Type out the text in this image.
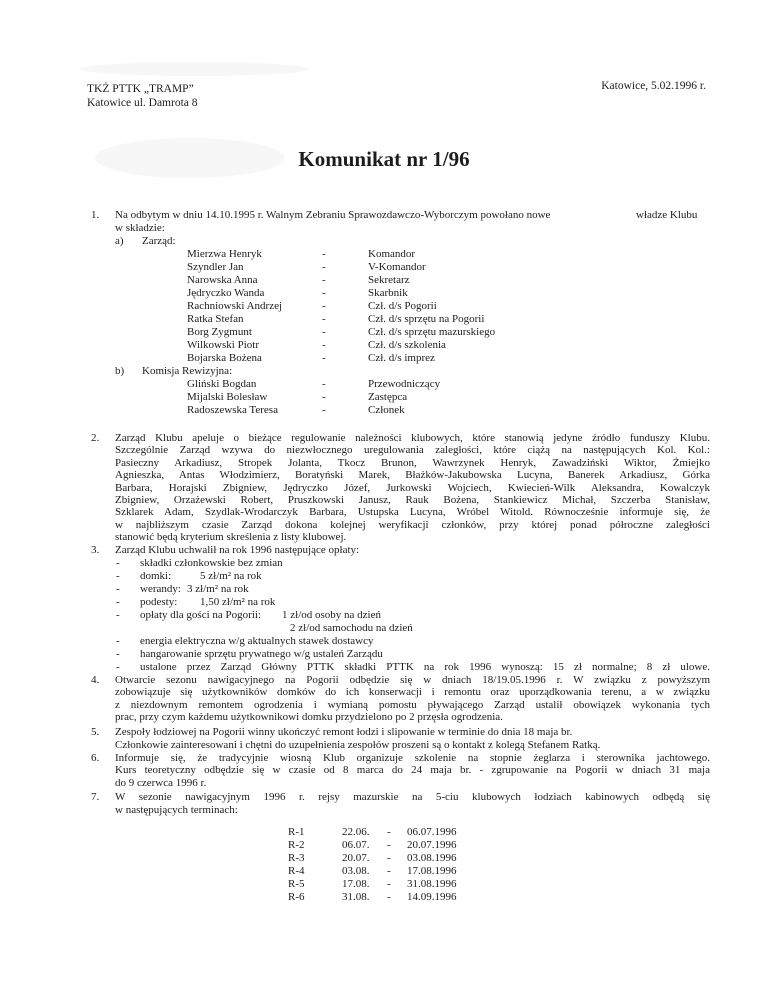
TKŻ PTTK „TRAMP”
Katowice ul. Damrota 8
Katowice, 5.02.1996 r.
Komunikat nr 1/96
1. Na odbytym w dniu 14.10.1995 r. Walnym Zebraniu Sprawozdawczo-Wyborczym powołano nowe	władze Klubu
w składzie:
a) Zarząd:
Mierzwa Henryk	-	Komandor
Szyndler Jan	-	V-Komandor
Narowska Anna	-	Sekretarz
Jędryczko Wanda	-	Skarbnik
Rachniowski Andrzej	-	Czł. d/s Pogorii
Ratka Stefan	-	Czł. d/s sprzętu na Pogorii
Borg Zygmunt	-	Czł. d/s sprzętu mazurskiego
Wilkowski Piotr	-	Czł. d/s szkolenia
Bojarska Bożena	-	Czł. d/s imprez
b) Komisja Rewizyjna:
Gliński Bogdan	-	Przewodniczący
Mijalski Bolesław	-	Zastępca
Radoszewska Teresa	-	Członek
2. Zarząd Klubu apeluje o bieżące regulowanie należności klubowych, które stanowią jedyne źródło funduszy Klubu.
Szczególnie Zarząd wzywa do niezwłocznego uregulowania zaległości, które ciążą na następujących Kol. Kol.:
Pasieczny Arkadiusz, Stropek Jolanta, Tkocz Brunon, Wawrzynek Henryk, Zawadziński Wiktor, Żmiejko
Agnieszka, Antas Włodzimierz, Boratyński Marek, Błażków-Jakubowska Lucyna, Banerek Arkadiusz, Górka
Barbara, Horajski Zbigniew, Jędryczko Józef, Jurkowski Wojciech, Kwiecień-Wilk Aleksandra, Kowalczyk
Zbigniew, Orzażewski Robert, Pruszkowski Janusz, Rauk Bożena, Stankiewicz Michał, Szczerba Stanisław,
Szklarek Adam, Szydlak-Wrodarczyk Barbara, Ustupska Lucyna, Wróbel Witold. Równocześnie informuje się, że
w najbliższym czasie Zarząd dokona kolejnej weryfikacji członków, przy której ponad półroczne zaległości
stanowić będą kryterium skreślenia z listy klubowej.
3. Zarząd Klubu uchwalił na rok 1996 następujące opłaty:
- składki członkowskie bez zmian
- domki:	5 zł/m² na rok
- werandy: 3 zł/m² na rok
- podesty: 1,50 zł/m² na rok
- opłaty dla gości na Pogorii: 1 zł/od osoby na dzień
2 zł/od samochodu na dzień
- energia elektryczna w/g aktualnych stawek dostawcy
- hangarowanie sprzętu prywatnego w/g ustaleń Zarządu
- ustalone przez Zarząd Główny PTTK składki PTTK na rok 1996 wynoszą: 15 zł normalne; 8 zł ulowe.
4. Otwarcie sezonu nawigacyjnego na Pogorii odbędzie się w dniach 18/19.05.1996 r. W związku z powyższym
zobowiązuje się użytkowników domków do ich konserwacji i remontu oraz uporządkowania terenu, a w związku
z niezdownym remontem ogrodzenia i wymianą pomostu pływającego Zarząd ustalił obowiązek wykonania tych
prac, przy czym każdemu użytkownikowi domku przydzielono po 2 przęsła ogrodzenia.
5. Zespoły łodziowej na Pogorii winny ukończyć remont łodzi i slipowanie w terminie do dnia 18 maja br.
Członkowie zainteresowani i chętni do uzupełnienia zespołów proszeni są o kontakt z kolegą Stefanem Ratką.
6. Informuje się, że tradycyjnie wiosną Klub organizuje szkolenie na stopnie żeglarza i sterownika jachtowego.
Kurs teoretyczny odbędzie się w czasie od 8 marca do 24 maja br. - zgrupowanie na Pogorii w dniach 31 maja
do 9 czerwca 1996 r.
7. W sezonie nawigacyjnym 1996 r. rejsy mazurskie na 5-ciu klubowych łodziach kabinowych odbędą się
w następujących terminach:
R-1	22.06. - 06.07.1996
R-2	06.07. - 20.07.1996
R-3	20.07. - 03.08.1996
R-4	03.08. - 17.08.1996
R-5	17.08. - 31.08.1996
R-6	31.08. - 14.09.1996
